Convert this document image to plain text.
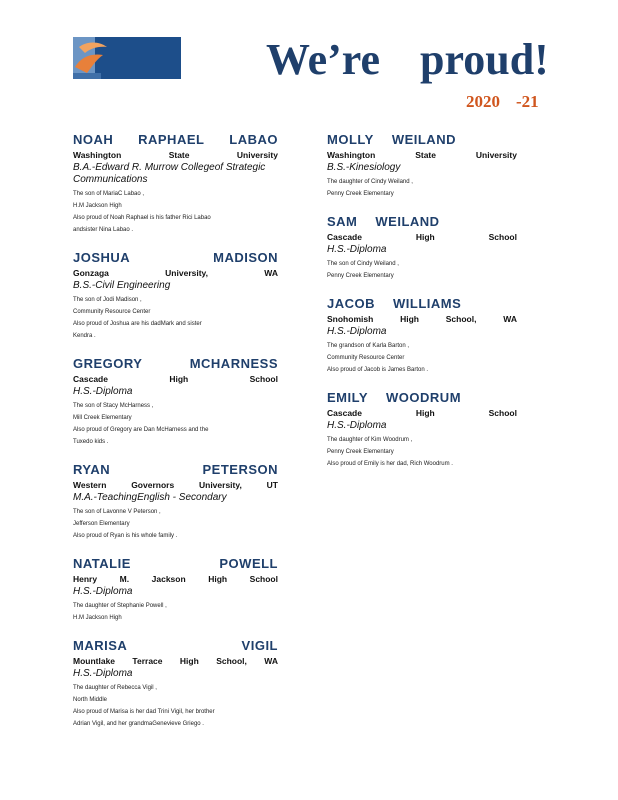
We’re proud!
2020 -21
NOAH RAPHAEL LABAO
Washington	State	University
B.A.-Edward R. Murrow Collegeof Strategic Communications
The son of MariaC Labao ,
H.M Jackson High
Also proud of Noah Raphael is his father Rici Labao
andsister Nina Labao .
JOSHUA	MADISON
Gonzaga	University,	WA
B.S.-Civil Engineering
The son of Jodi Madison ,
Community Resource Center
Also proud of Joshua are his dadMark and sister
Kendra .
GREGORY	MCHARNESS
Cascade	High	School
H.S.-Diploma
The son of Stacy McHarness ,
Mill Creek Elementary
Also proud of Gregory are Dan McHarness and the
Tuxedo kids .
RYAN	PETERSON
Western	Governors	University,	UT
M.A.-TeachingEnglish - Secondary
The son of Lavonne V Peterson ,
Jefferson Elementary
Also proud of Ryan is his whole family .
NATALIE	POWELL
Henry	M.	Jackson	High	School
H.S.-Diploma
The daughter of Stephanie Powell ,
H.M Jackson High
MARISA	VIGIL
Mountlake Terrace High School, WA
H.S.-Diploma
The daughter of Rebecca Vigil ,
North Middle
Also proud of Marisa is her dad Trini Vigil, her brother
Adrian Vigil, and her grandmaGenevieve Griego .
MOLLY WEILAND
Washington	State	University
B.S.-Kinesiology
The daughter of Cindy Weiland ,
Penny Creek Elementary
SAM WEILAND
Cascade	High	School
H.S.-Diploma
The son of Cindy Weiland ,
Penny Creek Elementary
JACOB WILLIAMS
Snohomish	High	School,	WA
H.S.-Diploma
The grandson of Karla Barton ,
Community Resource Center
Also proud of Jacob is James Barton .
EMILY WOODRUM
Cascade	High	School
H.S.-Diploma
The daughter of Kim Woodrum ,
Penny Creek Elementary
Also proud of Emily is her dad, Rich Woodrum .
